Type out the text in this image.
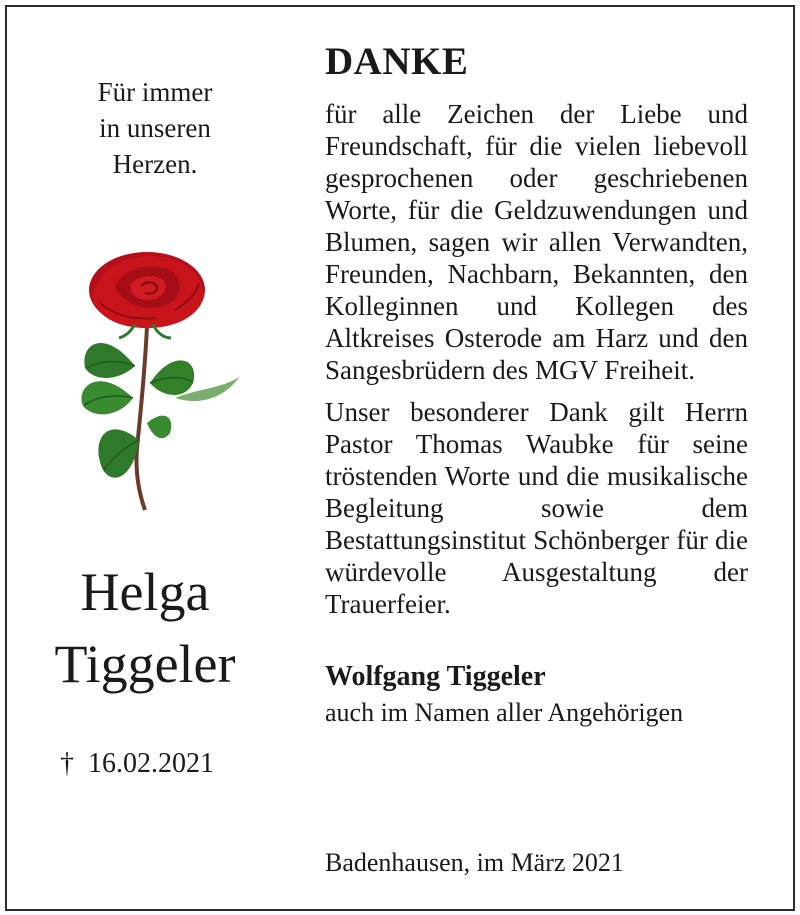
Für immer

in unseren

Herzen.

Helga
Tiggeler
† 16.02.2021
DANKE

für alle Zeichen der Liebe und Freundschaft, für die vielen liebevoll gesprochenen oder geschriebenen Worte, für die Geldzuwendungen und Blumen, sagen wir allen Verwandten, Freunden, Nachbarn, Bekannten, den Kolleginnen und Kollegen des Altkreises Osterode am Harz und den Sangesbrüdern des MGV Freiheit.

Unser besonderer Dank gilt Herrn Pastor Thomas Waubke für seine tröstenden Worte und die musikalische Begleitung sowie dem Bestattungsinstitut Schönberger für die würdevolle Ausgestaltung der Trauerfeier.

Wolfgang Tiggeler
auch im Namen aller Angehörigen
Badenhausen, im März 2021
